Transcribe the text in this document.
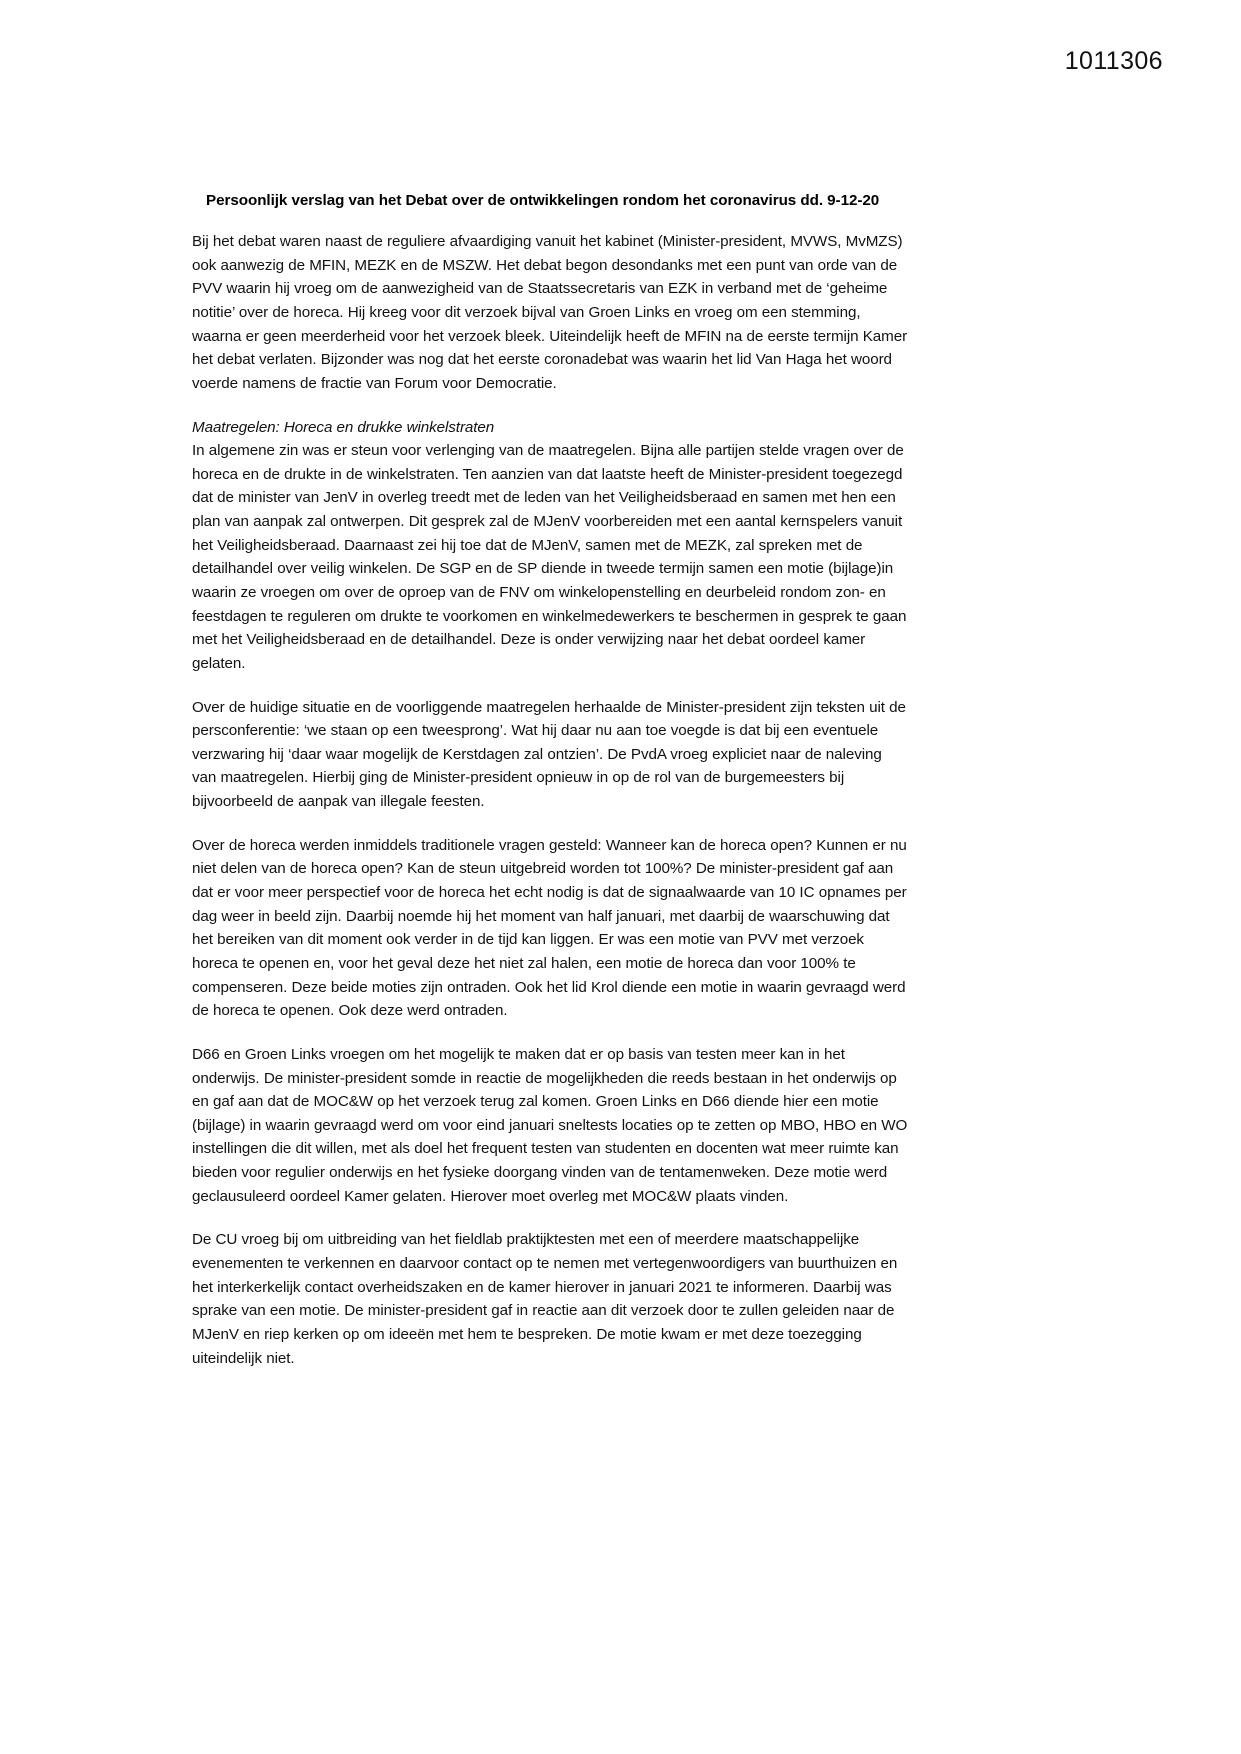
1011306
Persoonlijk verslag van het Debat over de ontwikkelingen rondom het coronavirus dd. 9-12-20

Bij het debat waren naast de reguliere afvaardiging vanuit het kabinet (Minister-president, MVWS, MvMZS) ook aanwezig de MFIN, MEZK en de MSZW. Het debat begon desondanks met een punt van orde van de PVV waarin hij vroeg om de aanwezigheid van de Staatssecretaris van EZK in verband met de ‘geheime notitie’ over de horeca. Hij kreeg voor dit verzoek bijval van Groen Links en vroeg om een stemming, waarna er geen meerderheid voor het verzoek bleek. Uiteindelijk heeft de MFIN na de eerste termijn Kamer het debat verlaten. Bijzonder was nog dat het eerste coronadebat was waarin het lid Van Haga het woord voerde namens de fractie van Forum voor Democratie.

Maatregelen: Horeca en drukke winkelstraten

In algemene zin was er steun voor verlenging van de maatregelen. Bijna alle partijen stelde vragen over de horeca en de drukte in de winkelstraten. Ten aanzien van dat laatste heeft de Minister-president toegezegd dat de minister van JenV in overleg treedt met de leden van het Veiligheidsberaad en samen met hen een plan van aanpak zal ontwerpen. Dit gesprek zal de MJenV voorbereiden met een aantal kernspelers vanuit het Veiligheidsberaad. Daarnaast zei hij toe dat de MJenV, samen met de MEZK, zal spreken met de detailhandel over veilig winkelen. De SGP en de SP diende in tweede termijn samen een motie (bijlage)in waarin ze vroegen om over de oproep van de FNV om winkelopenstelling en deurbeleid rondom zon- en feestdagen te reguleren om drukte te voorkomen en winkelmedewerkers te beschermen in gesprek te gaan met het Veiligheidsberaad en de detailhandel. Deze is onder verwijzing naar het debat oordeel kamer gelaten.

Over de huidige situatie en de voorliggende maatregelen herhaalde de Minister-president zijn teksten uit de persconferentie: ‘we staan op een tweesprong’. Wat hij daar nu aan toe voegde is dat bij een eventuele verzwaring hij ‘daar waar mogelijk de Kerstdagen zal ontzien’. De PvdA vroeg expliciet naar de naleving van maatregelen. Hierbij ging de Minister-president opnieuw in op de rol van de burgemeesters bij bijvoorbeeld de aanpak van illegale feesten.

Over de horeca werden inmiddels traditionele vragen gesteld: Wanneer kan de horeca open? Kunnen er nu niet delen van de horeca open? Kan de steun uitgebreid worden tot 100%? De minister-president gaf aan dat er voor meer perspectief voor de horeca het echt nodig is dat de signaalwaarde van 10 IC opnames per dag weer in beeld zijn. Daarbij noemde hij het moment van half januari, met daarbij de waarschuwing dat het bereiken van dit moment ook verder in de tijd kan liggen. Er was een motie van PVV met verzoek horeca te openen en, voor het geval deze het niet zal halen, een motie de horeca dan voor 100% te compenseren. Deze beide moties zijn ontraden. Ook het lid Krol diende een motie in waarin gevraagd werd de horeca te openen. Ook deze werd ontraden.

D66 en Groen Links vroegen om het mogelijk te maken dat er op basis van testen meer kan in het onderwijs. De minister-president somde in reactie de mogelijkheden die reeds bestaan in het onderwijs op en gaf aan dat de MOC&W op het verzoek terug zal komen. Groen Links en D66 diende hier een motie (bijlage) in waarin gevraagd werd om voor eind januari sneltests locaties op te zetten op MBO, HBO en WO instellingen die dit willen, met als doel het frequent testen van studenten en docenten wat meer ruimte kan bieden voor regulier onderwijs en het fysieke doorgang vinden van de tentamenweken. Deze motie werd geclausuleerd oordeel Kamer gelaten. Hierover moet overleg met MOC&W plaats vinden.

De CU vroeg bij om uitbreiding van het fieldlab praktijktesten met een of meerdere maatschappelijke evenementen te verkennen en daarvoor contact op te nemen met vertegenwoordigers van buurthuizen en het interkerkelijk contact overheidszaken en de kamer hierover in januari 2021 te informeren. Daarbij was sprake van een motie. De minister-president gaf in reactie aan dit verzoek door te zullen geleiden naar de MJenV en riep kerken op om ideeën met hem te bespreken. De motie kwam er met deze toezegging uiteindelijk niet.
